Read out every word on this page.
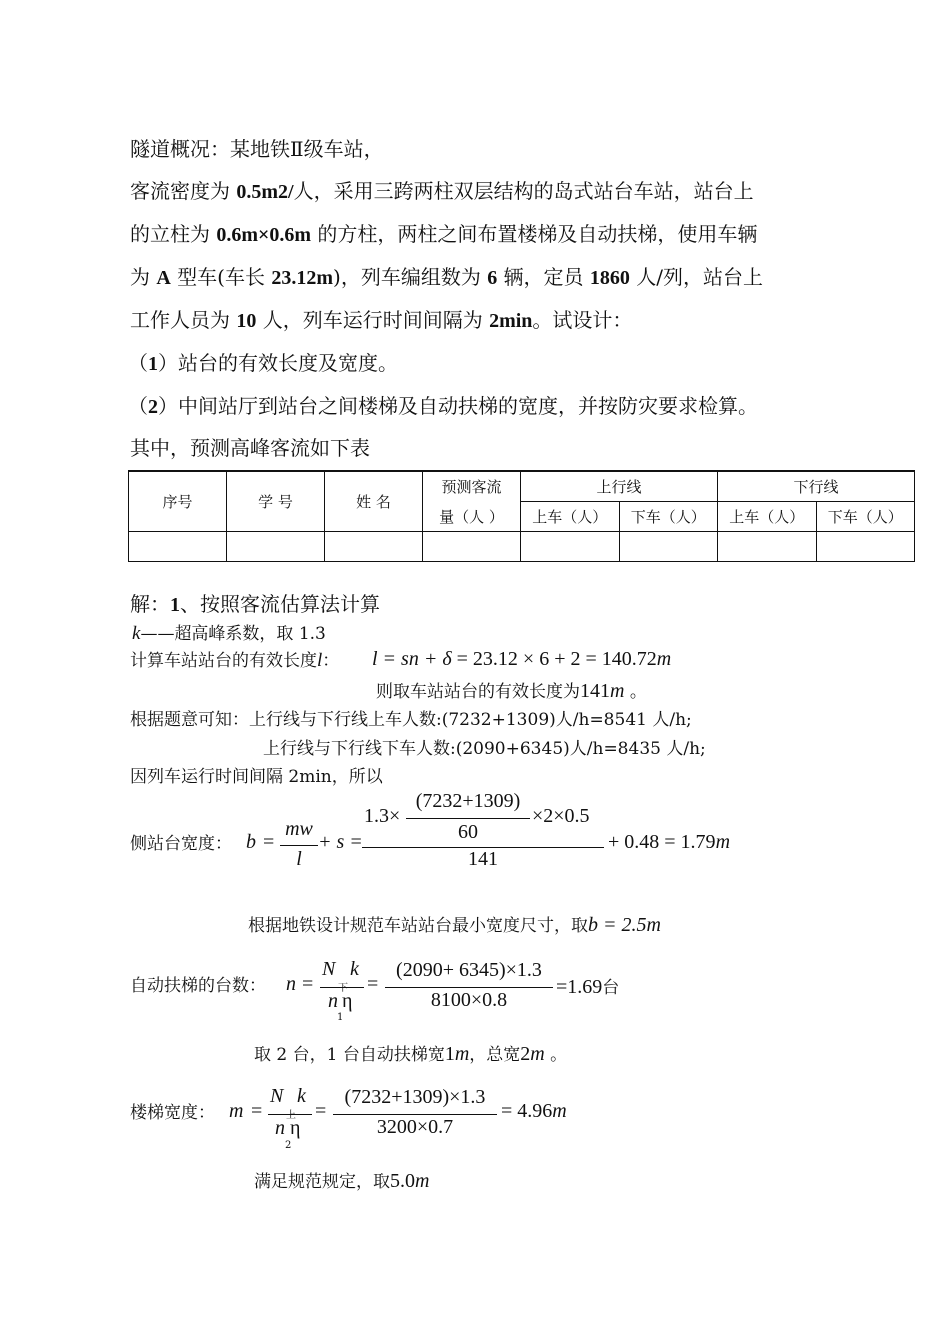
隧道概况：某地铁Ⅱ级车站，
客流密度为 0.5m2/人，采用三跨两柱双层结构的岛式站台车站，站台上
的立柱为 0.6m×0.6m 的方柱，两柱之间布置楼梯及自动扶梯，使用车辆
为 A 型车(车长 23.12m)，列车编组数为 6 辆，定员 1860 人/列，站台上
工作人员为 10 人，列车运行时间间隔为 2min。试设计：
（1）站台的有效长度及宽度。
（2）中间站厅到站台之间楼梯及自动扶梯的宽度，并按防灾要求检算。
其中，预测高峰客流如下表
序号	学 号	姓 名	预测客流	上行线		下行线	
			量（人 ）	上车（人）	下车（人）	上车（人）	下车（人）

解：1、按照客流估算法计算
k——超高峰系数，取 1.3
计算车站站台的有效长度l： l = sn + δ = 23.12 × 6 + 2 = 140.72m
则取车站站台的有效长度为141m 。
根据题意可知：上行线与下行线上车人数:(7232+1309)人/h=8541 人/h;
上行线与下行线下车人数:(2090+6345)人/h=8435 人/h;
因列车运行时间间隔 2min，所以
侧站台宽度： b =
mw
l
+ s =
1.3×
(7232+1309)
60
×2×0.5
141
+ 0.48 = 1.79m
根据地铁设计规范车站站台最小宽度尺寸，取b = 2.5m
自动扶梯的台数： n =
N
下
k
n η
1
=
(2090+ 6345)×1.3
8100×0.8
=1.69台
取 2 台，1 台自动扶梯宽1m，总宽2m 。
楼梯宽度： m =
N
上
k
n η
2
=
(7232+1309)×1.3
3200×0.7
= 4.96m
满足规范规定，取5.0m
